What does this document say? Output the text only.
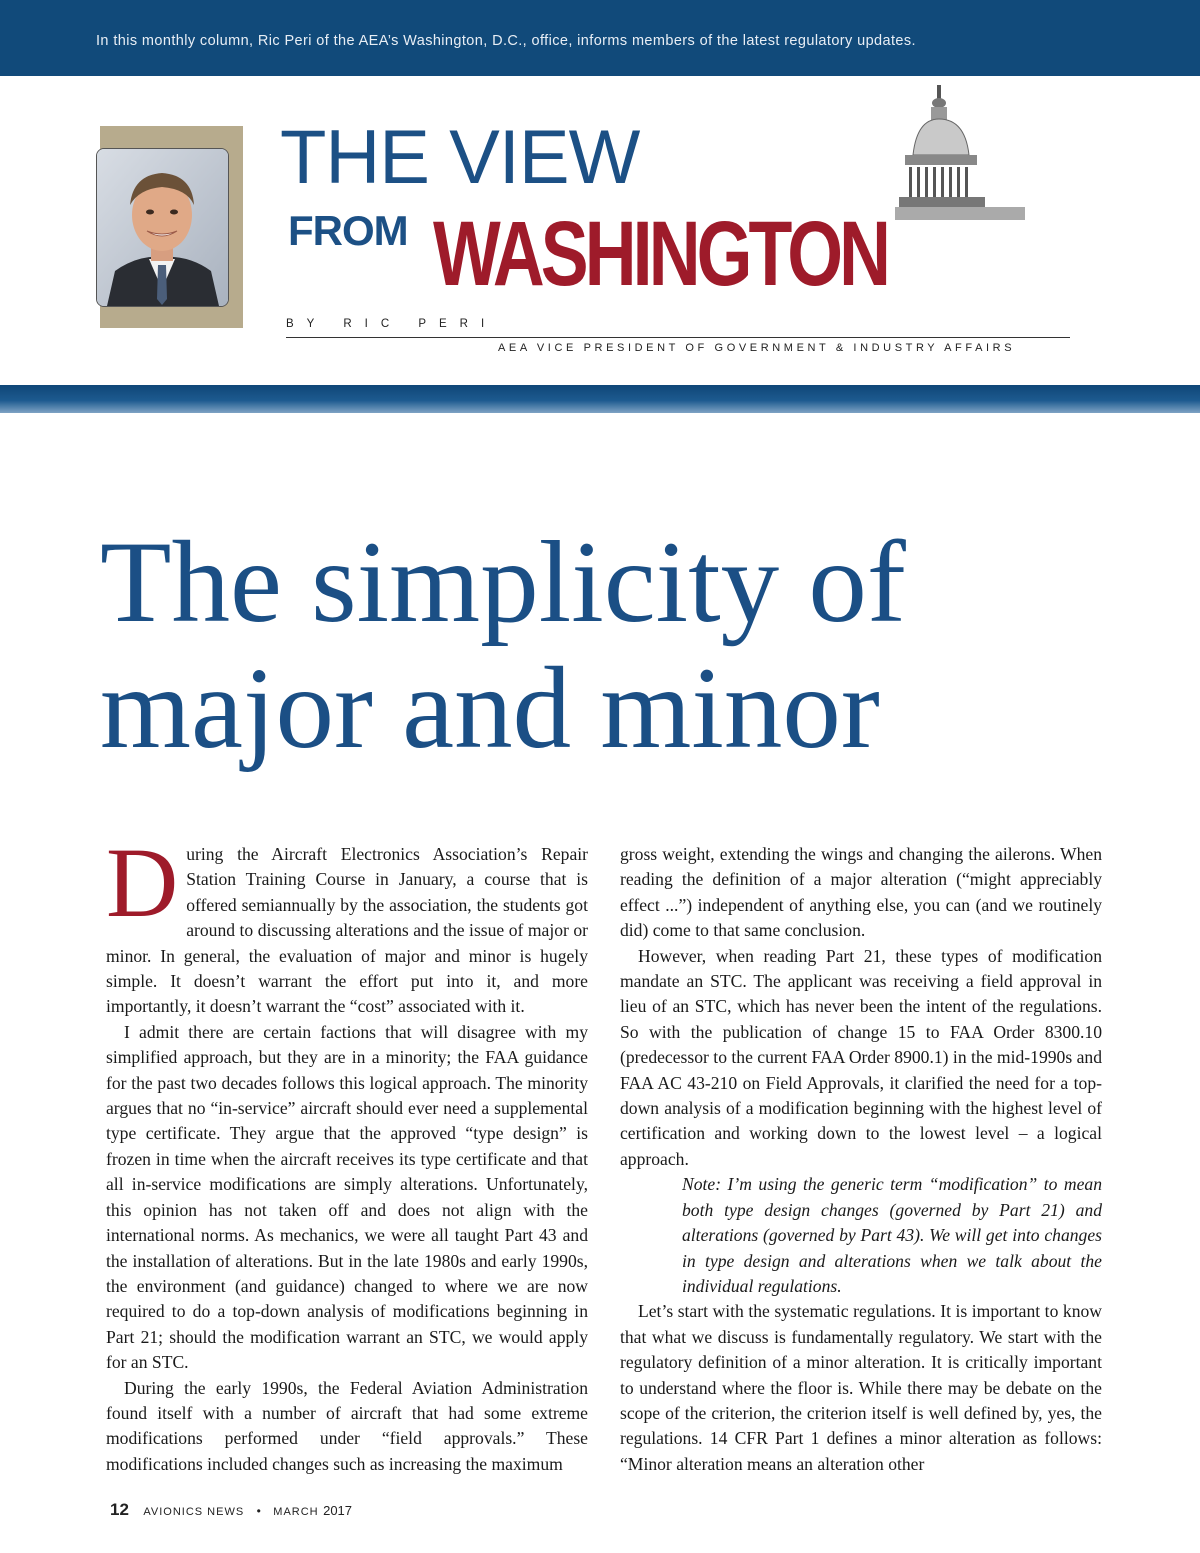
In this monthly column, Ric Peri of the AEA’s Washington, D.C., office, informs members of the latest regulatory updates.
THE VIEW
FROM WASHINGTON
BY RIC PERI
AEA VICE PRESIDENT OF GOVERNMENT & INDUSTRY AFFAIRS
The simplicity of
major and minor

During the Aircraft Electronics Association’s Repair Station Training Course in January, a course that is offered semiannually by the association, the students got around to discussing alterations and the issue of major or minor. In general, the evaluation of major and minor is hugely simple. It doesn’t warrant the effort put into it, and more importantly, it doesn’t warrant the “cost” associated with it.

I admit there are certain factions that will disagree with my simplified approach, but they are in a minority; the FAA guidance for the past two decades follows this logical approach. The minority argues that no “in-service” aircraft should ever need a supplemental type certificate. They argue that the approved “type design” is frozen in time when the aircraft receives its type certificate and that all in-service modifications are simply alterations. Unfortunately, this opinion has not taken off and does not align with the international norms. As mechanics, we were all taught Part 43 and the installation of alterations. But in the late 1980s and early 1990s, the environment (and guidance) changed to where we are now required to do a top-down analysis of modifications beginning in Part 21; should the modification warrant an STC, we would apply for an STC.

During the early 1990s, the Federal Aviation Administration found itself with a number of aircraft that had some extreme modifications performed under “field approvals.” These modifications included changes such as increasing the maximum

gross weight, extending the wings and changing the ailerons. When reading the definition of a major alteration (“might appreciably effect ...”) independent of anything else, you can (and we routinely did) come to that same conclusion.

However, when reading Part 21, these types of modification mandate an STC. The applicant was receiving a field approval in lieu of an STC, which has never been the intent of the regulations. So with the publication of change 15 to FAA Order 8300.10 (predecessor to the current FAA Order 8900.1) in the mid-1990s and FAA AC 43-210 on Field Approvals, it clarified the need for a top-down analysis of a modification beginning with the highest level of certification and working down to the lowest level – a logical approach.

Note: I’m using the generic term “modification” to mean both type design changes (governed by Part 21) and alterations (governed by Part 43). We will get into changes in type design and alterations when we talk about the individual regulations.

Let’s start with the systematic regulations. It is important to know that what we discuss is fundamentally regulatory. We start with the regulatory definition of a minor alteration. It is critically important to understand where the floor is. While there may be debate on the scope of the criterion, the criterion itself is well defined by, yes, the regulations. 14 CFR Part 1 defines a minor alteration as follows: “Minor alteration means an alteration other

12 AVIONICS NEWS • MARCH 2017
